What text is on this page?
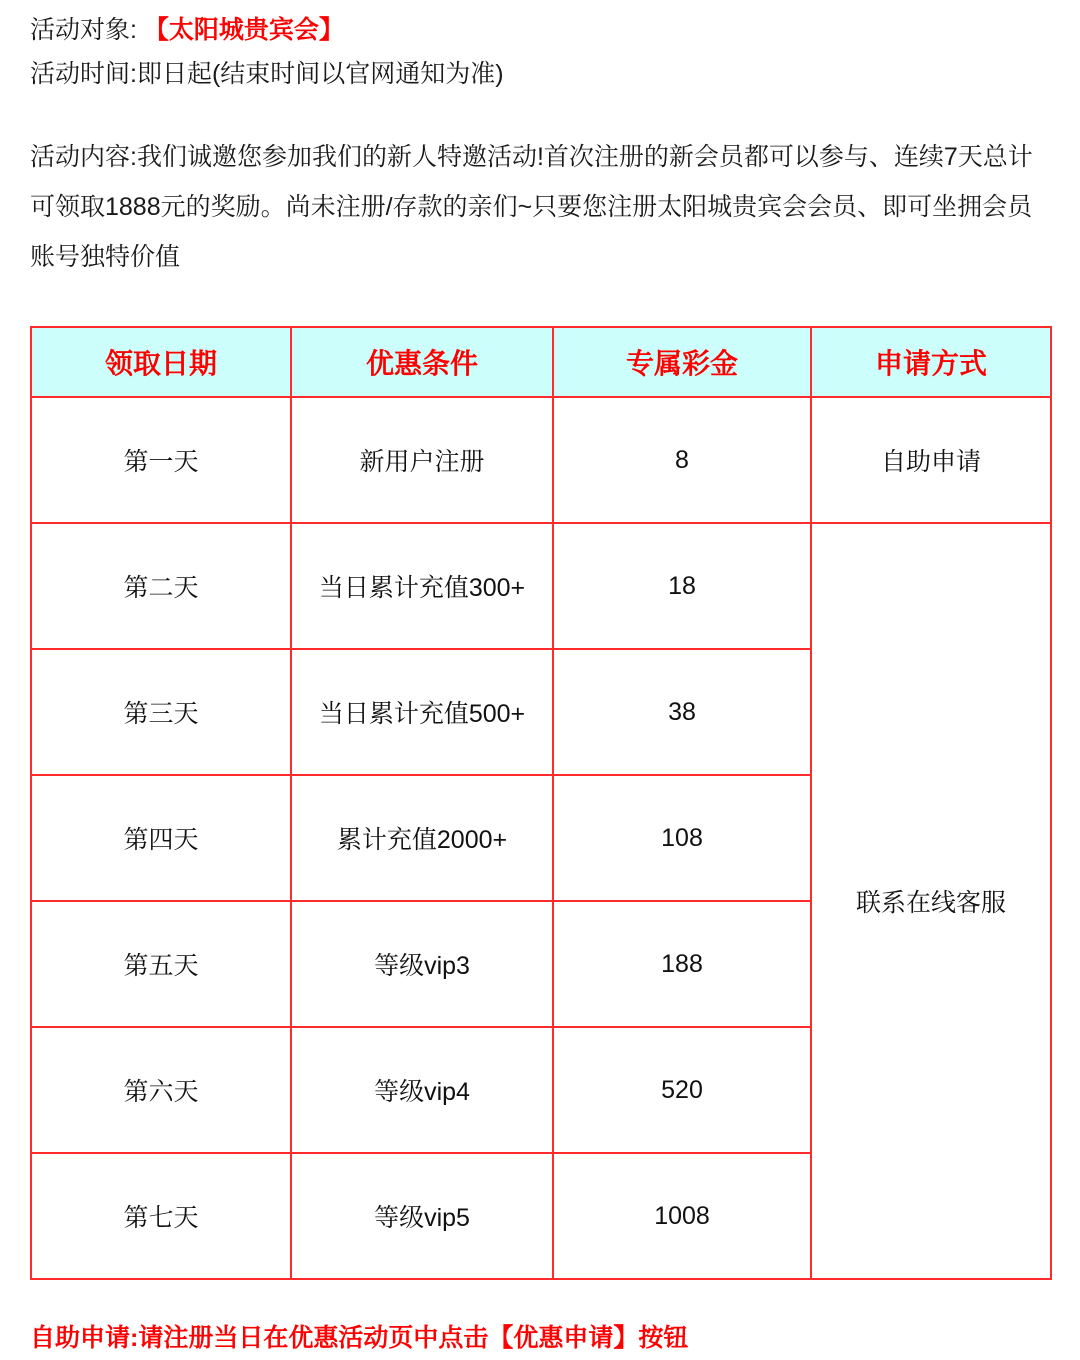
活动对象: 【太阳城贵宾会】
活动时间:即日起(结束时间以官网通知为准)
活动内容:我们诚邀您参加我们的新人特邀活动!首次注册的新会员都可以参与、连续7天总计可领取1888元的奖励。尚未注册/存款的亲们~只要您注册太阳城贵宾会会员、即可坐拥会员账号独特价值
领取日期	优惠条件	专属彩金	申请方式
第一天	新用户注册	8	自助申请
第二天	当日累计充值300+	18	联系在线客服
第三天	当日累计充值500+	38	
第四天	累计充值2000+	108	
第五天	等级vip3	188	
第六天	等级vip4	520	
第七天	等级vip5	1008	
自助申请:请注册当日在优惠活动页中点击【优惠申请】按钮
